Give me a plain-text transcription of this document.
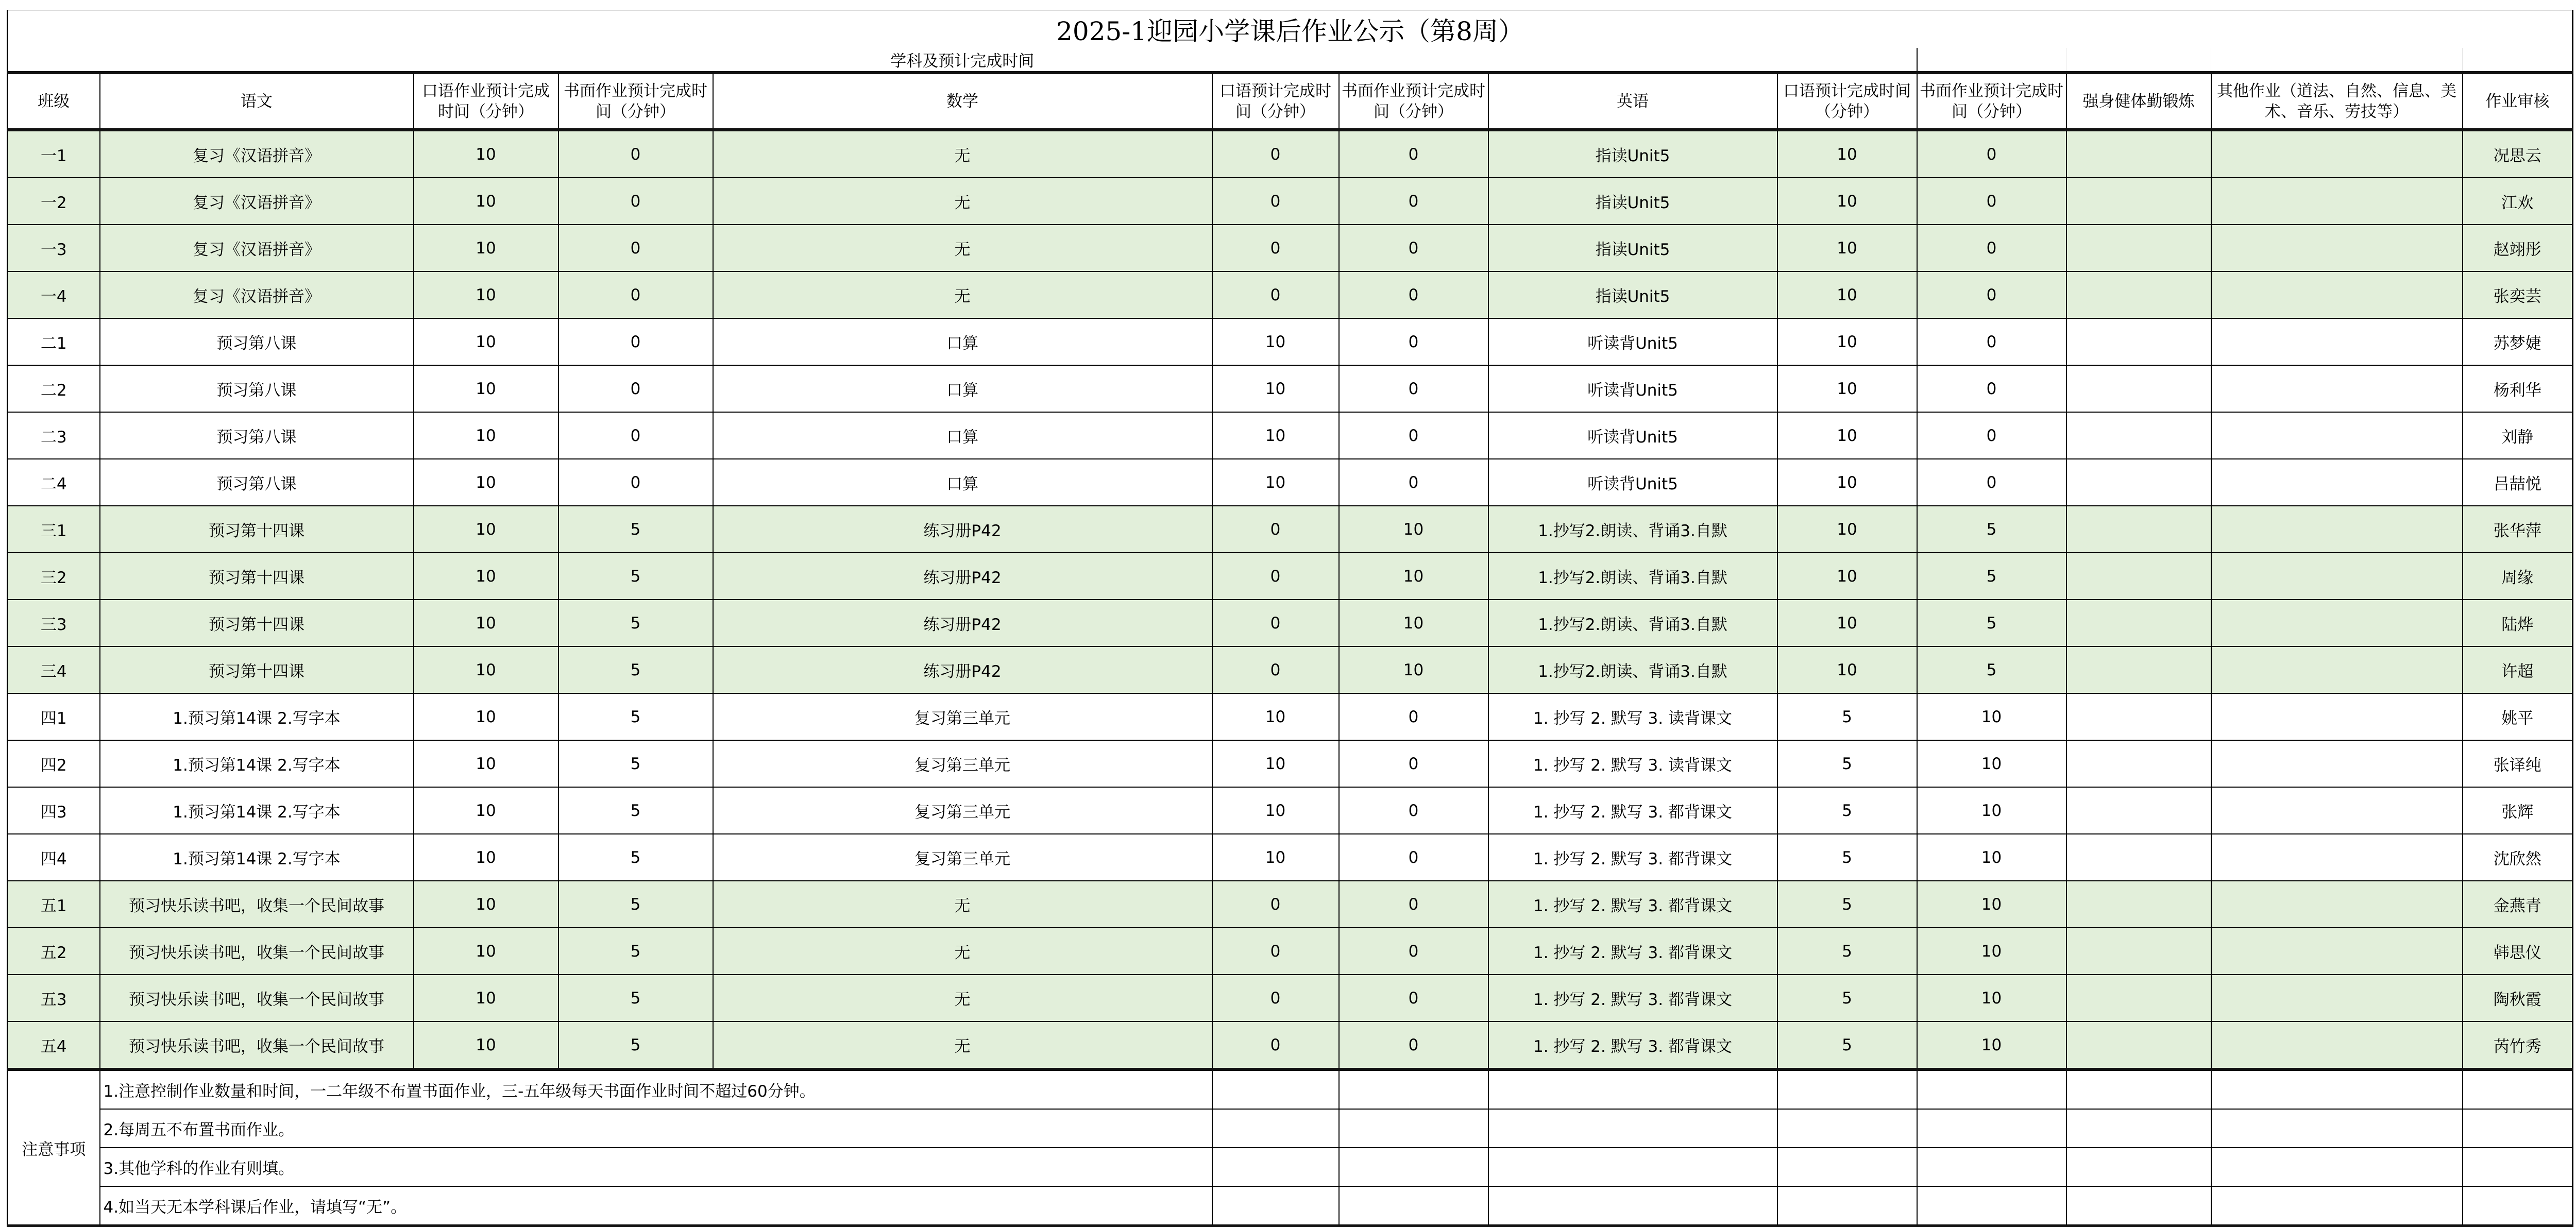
2025-1迎园小学课后作业公示（第8周）												
学科及预计完成时间												
班级	语文	口语作业预计完成时间（分钟）	书面作业预计完成时间（分钟）	数学	口语预计完成时间（分钟）	书面作业预计完成时间（分钟）	英语	口语预计完成时间（分钟）	书面作业预计完成时间（分钟）	强身健体勤锻炼	其他作业（道法、自然、信息、美术、音乐、劳技等）	作业审核
一1	复习《汉语拼音》	10	0	无	0	0	指读Unit5	10	0			况思云
一2	复习《汉语拼音》	10	0	无	0	0	指读Unit5	10	0			江欢
一3	复习《汉语拼音》	10	0	无	0	0	指读Unit5	10	0			赵翊彤
一4	复习《汉语拼音》	10	0	无	0	0	指读Unit5	10	0			张奕芸
二1	预习第八课	10	0	口算	10	0	听读背Unit5	10	0			苏梦婕
二2	预习第八课	10	0	口算	10	0	听读背Unit5	10	0			杨利华
二3	预习第八课	10	0	口算	10	0	听读背Unit5	10	0			刘静
二4	预习第八课	10	0	口算	10	0	听读背Unit5	10	0			吕喆悦
三1	预习第十四课	10	5	练习册P42	0	10	1.抄写2.朗读、背诵3.自默	10	5			张华萍
三2	预习第十四课	10	5	练习册P42	0	10	1.抄写2.朗读、背诵3.自默	10	5			周缘
三3	预习第十四课	10	5	练习册P42	0	10	1.抄写2.朗读、背诵3.自默	10	5			陆烨
三4	预习第十四课	10	5	练习册P42	0	10	1.抄写2.朗读、背诵3.自默	10	5			许超
四1	1.预习第14课 2.写字本	10	5	复习第三单元	10	0	1. 抄写 2. 默写 3. 读背课文	5	10			姚平
四2	1.预习第14课 2.写字本	10	5	复习第三单元	10	0	1. 抄写 2. 默写 3. 读背课文	5	10			张译纯
四3	1.预习第14课 2.写字本	10	5	复习第三单元	10	0	1. 抄写 2. 默写 3. 都背课文	5	10			张辉
四4	1.预习第14课 2.写字本	10	5	复习第三单元	10	0	1. 抄写 2. 默写 3. 都背课文	5	10			沈欣然
五1	预习快乐读书吧，收集一个民间故事	10	5	无	0	0	1. 抄写 2. 默写 3. 都背课文	5	10			金燕青
五2	预习快乐读书吧，收集一个民间故事	10	5	无	0	0	1. 抄写 2. 默写 3. 都背课文	5	10			韩思仪
五3	预习快乐读书吧，收集一个民间故事	10	5	无	0	0	1. 抄写 2. 默写 3. 都背课文	5	10			陶秋霞
五4	预习快乐读书吧，收集一个民间故事	10	5	无	0	0	1. 抄写 2. 默写 3. 都背课文	5	10			芮竹秀
注意事项	1.注意控制作业数量和时间，一二年级不布置书面作业，三-五年级每天书面作业时间不超过60分钟。											
	2.每周五不布置书面作业。											
	3.其他学科的作业有则填。											
	4.如当天无本学科课后作业，请填写“无”。											
